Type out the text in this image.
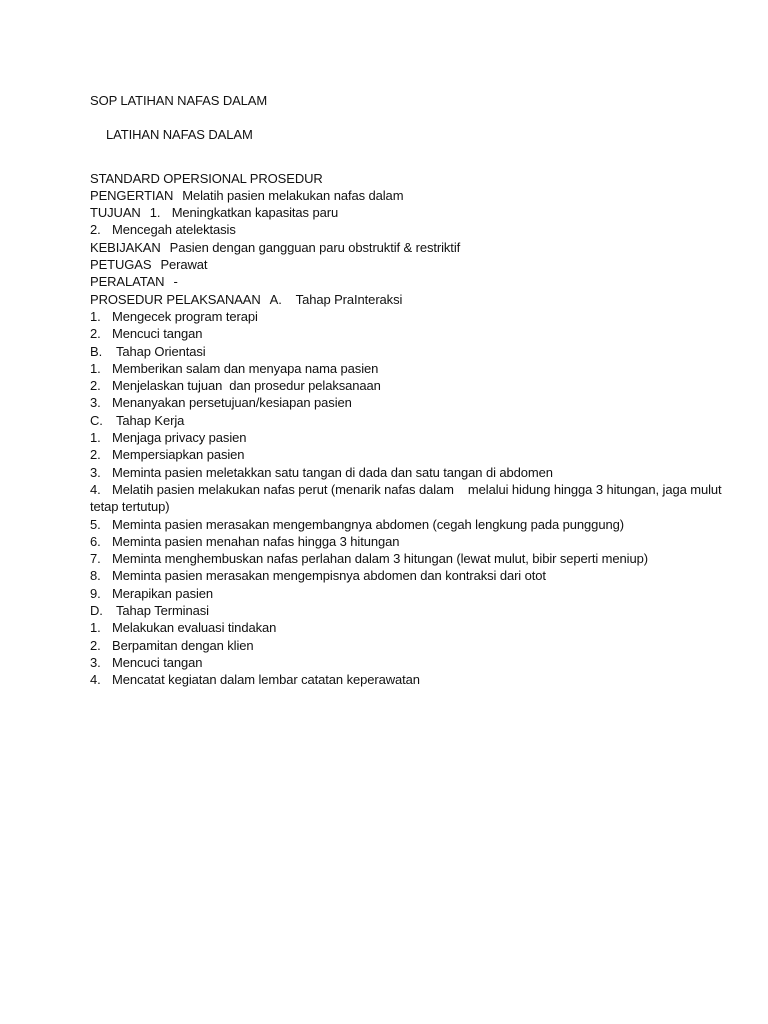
SOP LATIHAN NAFAS DALAM

LATIHAN NAFAS DALAM

STANDARD OPERSIONAL PROSEDUR

PENGERTIAN Melatih pasien melakukan nafas dalam

TUJUAN 1. Meningkatkan kapasitas paru

2. Mencegah atelektasis

KEBIJAKAN Pasien dengan gangguan paru obstruktif & restriktif

PETUGAS Perawat

PERALATAN -

PROSEDUR PELAKSANAAN A. Tahap PraInteraksi

1. Mengecek program terapi

2. Mencuci tangan

B. Tahap Orientasi

1. Memberikan salam dan menyapa nama pasien

2. Menjelaskan tujuan  dan prosedur pelaksanaan

3. Menanyakan persetujuan/kesiapan pasien

C. Tahap Kerja

1. Menjaga privacy pasien

2. Mempersiapkan pasien

3. Meminta pasien meletakkan satu tangan di dada dan satu tangan di abdomen

4. Melatih pasien melakukan nafas perut (menarik nafas dalam    melalui hidung hingga 3 hitungan, jaga mulut tetap tertutup)

5. Meminta pasien merasakan mengembangnya abdomen (cegah lengkung pada punggung)

6. Meminta pasien menahan nafas hingga 3 hitungan

7. Meminta menghembuskan nafas perlahan dalam 3 hitungan (lewat mulut, bibir seperti meniup)

8. Meminta pasien merasakan mengempisnya abdomen dan kontraksi dari otot

9. Merapikan pasien

D. Tahap Terminasi

1. Melakukan evaluasi tindakan

2. Berpamitan dengan klien

3. Mencuci tangan

4. Mencatat kegiatan dalam lembar catatan keperawatan
